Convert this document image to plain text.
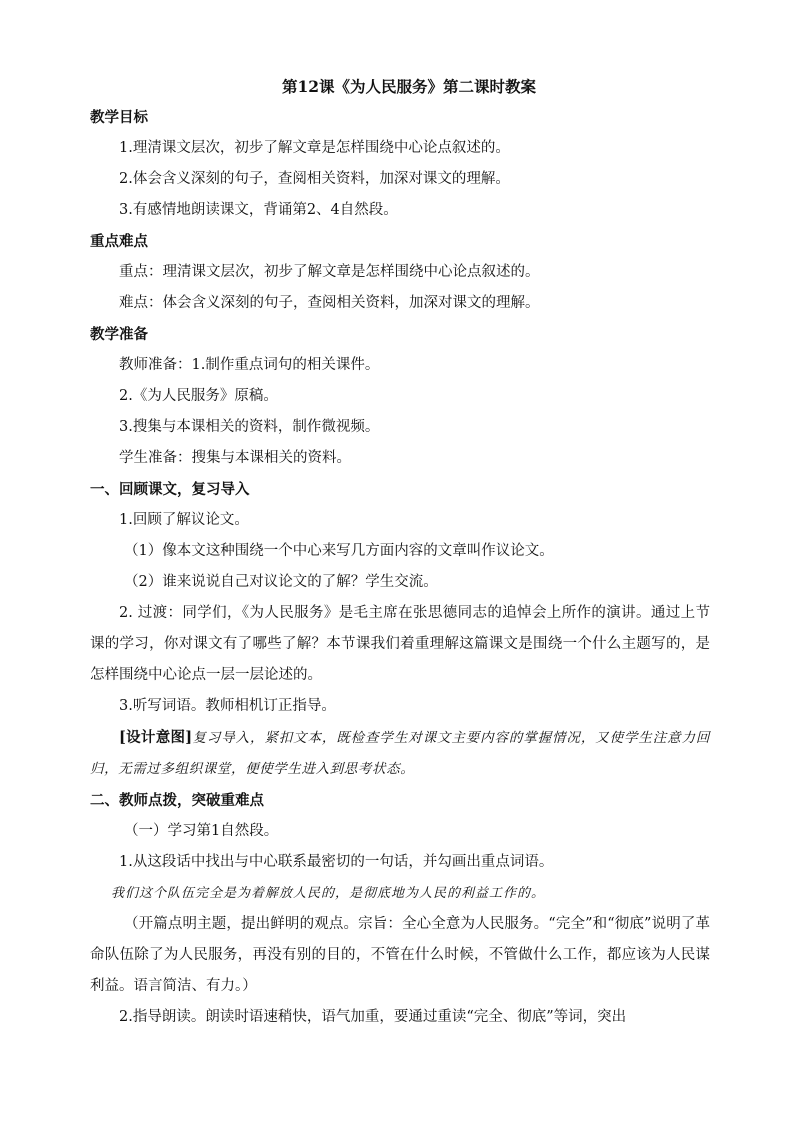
第12课《为人民服务》第二课时教案

教学目标

1.理清课文层次，初步了解文章是怎样围绕中心论点叙述的。

2.体会含义深刻的句子，查阅相关资料，加深对课文的理解。

3.有感情地朗读课文，背诵第2、4自然段。

重点难点

重点：理清课文层次，初步了解文章是怎样围绕中心论点叙述的。

难点：体会含义深刻的句子，查阅相关资料，加深对课文的理解。

教学准备

教师准备：1.制作重点词句的相关课件。

2.《为人民服务》原稿。

3.搜集与本课相关的资料，制作微视频。

学生准备：搜集与本课相关的资料。

一、回顾课文，复习导入

1.回顾了解议论文。

（1）像本文这种围绕一个中心来写几方面内容的文章叫作议论文。

（2）谁来说说自己对议论文的了解？学生交流。

2. 过渡：同学们，《为人民服务》是毛主席在张思德同志的追悼会上所作的演讲。通过上节课的学习，你对课文有了哪些了解？本节课我们着重理解这篇课文是围绕一个什么主题写的，是怎样围绕中心论点一层一层论述的。

3.听写词语。教师相机订正指导。

[设计意图]复习导入，紧扣文本，既检查学生对课文主要内容的掌握情况，又使学生注意力回归，无需过多组织课堂，便使学生进入到思考状态。

二、教师点拨，突破重难点

（一）学习第1自然段。

1.从这段话中找出与中心联系最密切的一句话，并勾画出重点词语。

我们这个队伍完全是为着解放人民的，是彻底地为人民的利益工作的。

（开篇点明主题，提出鲜明的观点。宗旨：全心全意为人民服务。“完全”和“彻底”说明了革命队伍除了为人民服务，再没有别的目的，不管在什么时候，不管做什么工作，都应该为人民谋利益。语言简洁、有力。）

2.指导朗读。朗读时语速稍快，语气加重，要通过重读“完全、彻底”等词，突出
